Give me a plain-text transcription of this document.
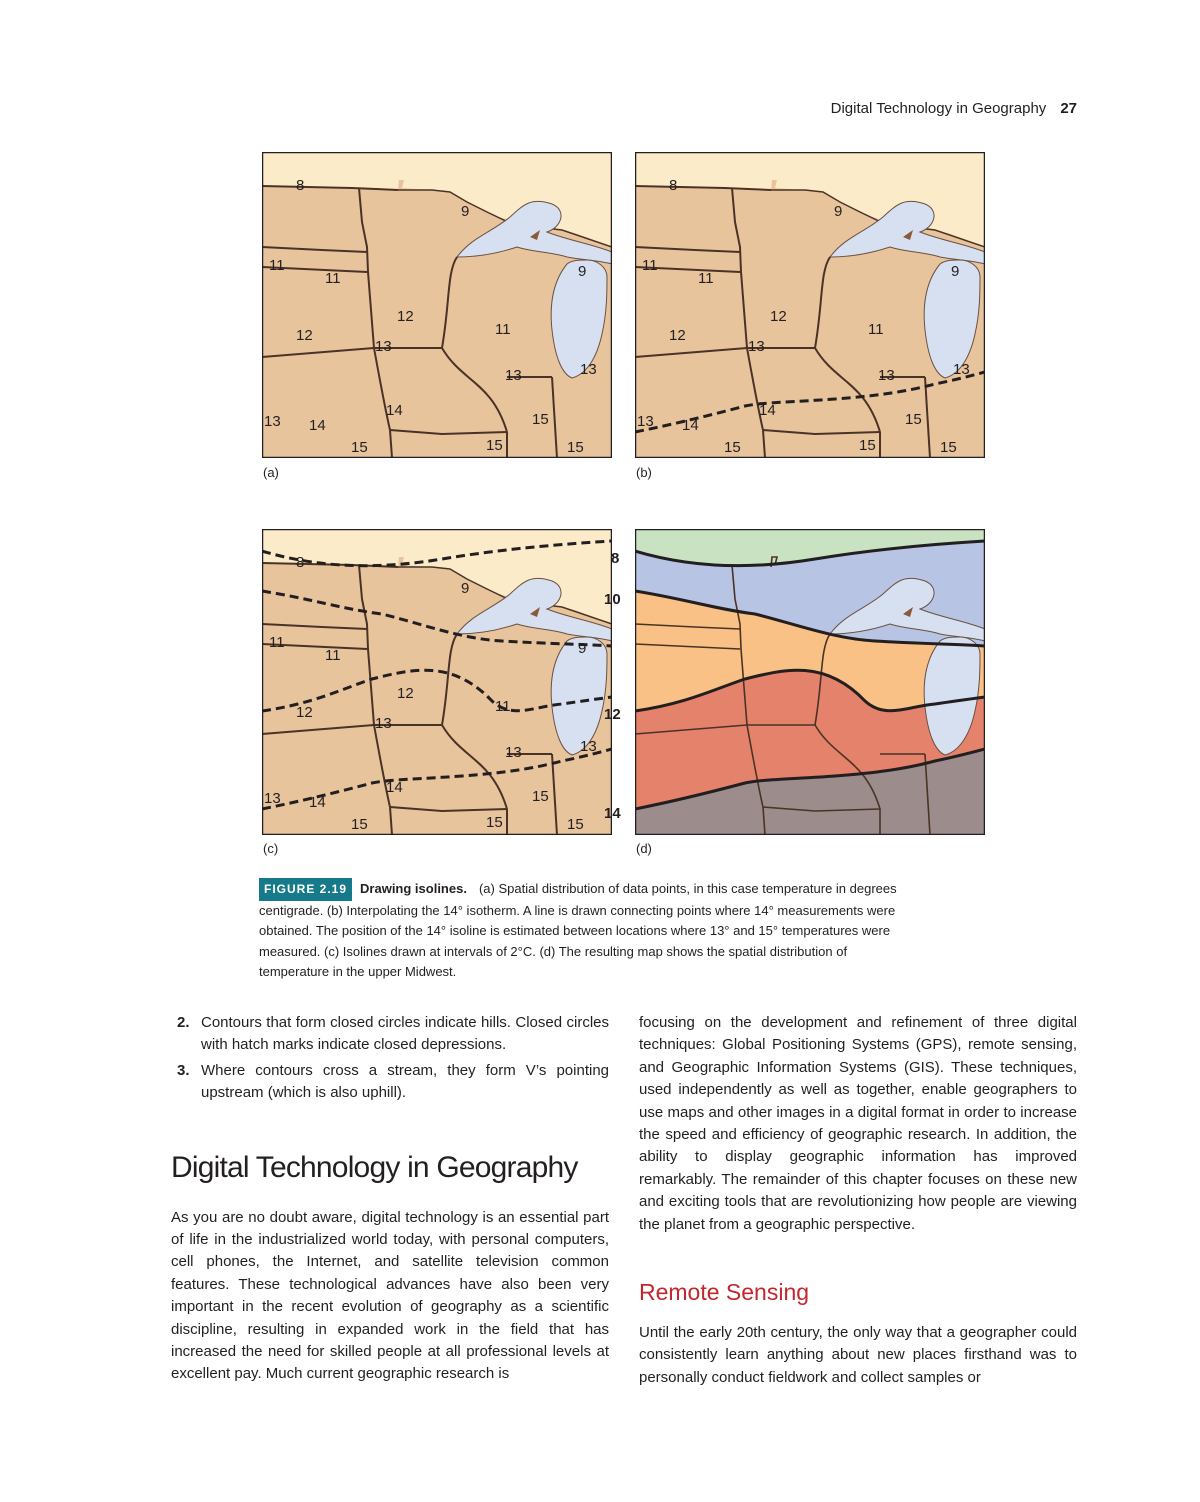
Digital Technology in Geography 27
8
9
11
11	9
12
12
13
11
13	13
13 14
14
15	15
15
15
(a)
8
9
11
11	9
12
12
13
11
13	13
13 14
14
15	15
15
15
(b)
8
9
11
11	9
12
12
13
11
13	13
13 14
14
15	15
15
15
(c)
8
10
12
14
(d)
FIGURE 2.19 Drawing isolines. (a) Spatial distribution of data points, in this case temperature in degrees centigrade. (b) Interpolating the 14° isotherm. A line is drawn connecting points where 14° measurements were obtained. The position of the 14° isoline is estimated between locations where 13° and 15° temperatures were measured. (c) Isolines drawn at intervals of 2°C. (d) The resulting map shows the spatial distribution of temperature in the upper Midwest.
2. Contours that form closed circles indicate hills. Closed circles with hatch marks indicate closed depressions.
3. Where contours cross a stream, they form V’s pointing upstream (which is also uphill).
Digital Technology in Geography

As you are no doubt aware, digital technology is an essential part of life in the industrialized world today, with personal computers, cell phones, the Internet, and satellite television common features. These technological advances have also been very important in the recent evolution of geography as a scientific discipline, resulting in expanded work in the field that has increased the need for skilled people at all professional levels at excellent pay. Much current geographic research is

focusing on the development and refinement of three digital techniques: Global Positioning Systems (GPS), remote sensing, and Geographic Information Systems (GIS). These techniques, used independently as well as together, enable geographers to use maps and other images in a digital format in order to increase the speed and efficiency of geographic research. In addition, the ability to display geographic information has improved remarkably. The remainder of this chapter focuses on these new and exciting tools that are revolutionizing how people are viewing the planet from a geographic perspective.

Remote Sensing

Until the early 20th century, the only way that a geographer could consistently learn anything about new places firsthand was to personally conduct fieldwork and collect samples or
